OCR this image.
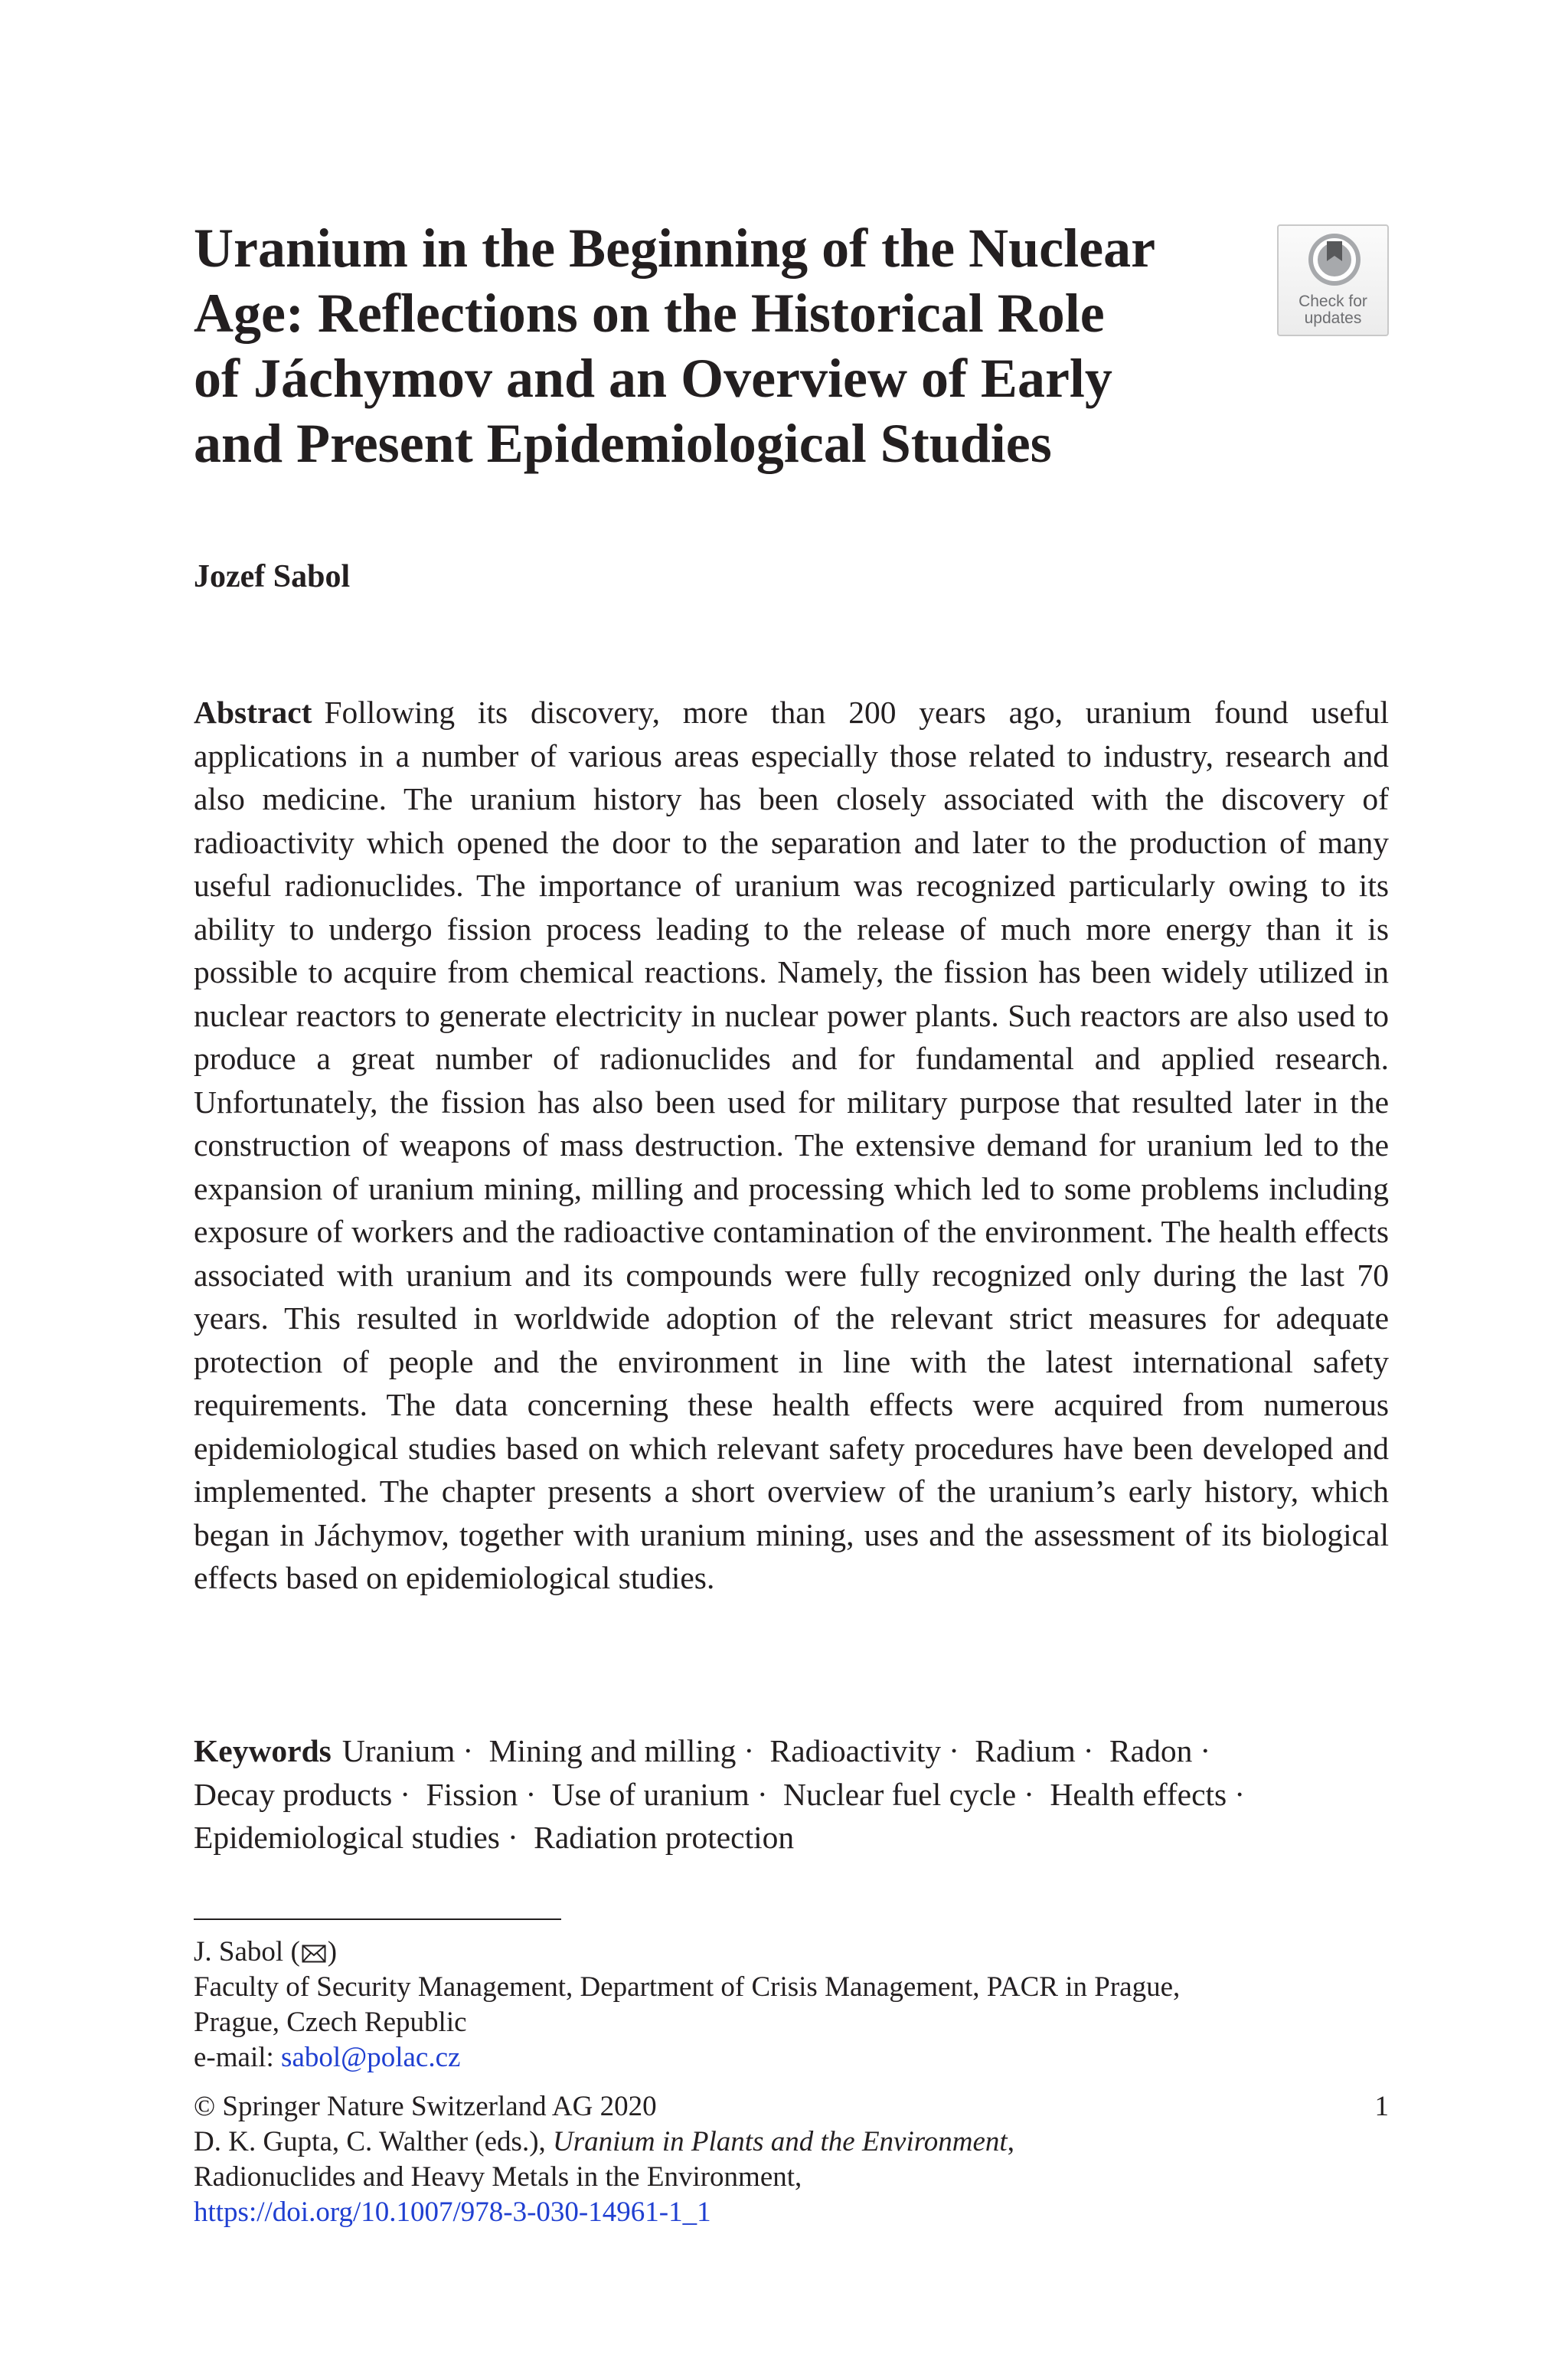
Uranium in the Beginning of the Nuclear
Age: Reflections on the Historical Role
of Jáchymov and an Overview of Early
and Present Epidemiological Studies
Check for
updates
Jozef Sabol

Abstract Following its discovery, more than 200 years ago, uranium found useful applications in a number of various areas especially those related to industry, research and also medicine. The uranium history has been closely associated with the discovery of radioactivity which opened the door to the separation and later to the production of many useful radionuclides. The importance of uranium was recognized particularly owing to its ability to undergo fission process leading to the release of much more energy than it is possible to acquire from chemical reactions. Namely, the fission has been widely utilized in nuclear reactors to generate electricity in nuclear power plants. Such reactors are also used to produce a great number of radionuclides and for fundamental and applied research. Unfortunately, the fission has also been used for military purpose that resulted later in the construction of weapons of mass destruction. The extensive demand for uranium led to the expansion of uranium mining, milling and processing which led to some problems including exposure of workers and the radioactive contamination of the environment. The health effects associated with uranium and its compounds were fully recognized only during the last 70 years. This resulted in worldwide adoption of the relevant strict measures for adequate protection of people and the environment in line with the latest international safety requirements. The data concerning these health effects were acquired from numerous epidemiological studies based on which relevant safety procedures have been developed and implemented. The chapter presents a short overview of the uranium’s early history, which began in Jáchymov, together with uranium mining, uses and the assessment of its biological effects based on epidemiological studies.

Keywords Uranium · Mining and milling · Radioactivity · Radium · Radon · Decay products · Fission · Use of uranium · Nuclear fuel cycle · Health effects · Epidemiological studies · Radiation protection

J. Sabol ( )
Faculty of Security Management, Department of Crisis Management, PACR in Prague,
Prague, Czech Republic
e-mail: sabol@polac.cz
1
© Springer Nature Switzerland AG 2020
D. K. Gupta, C. Walther (eds.), Uranium in Plants and the Environment,
Radionuclides and Heavy Metals in the Environment,
https://doi.org/10.1007/978-3-030-14961-1_1
